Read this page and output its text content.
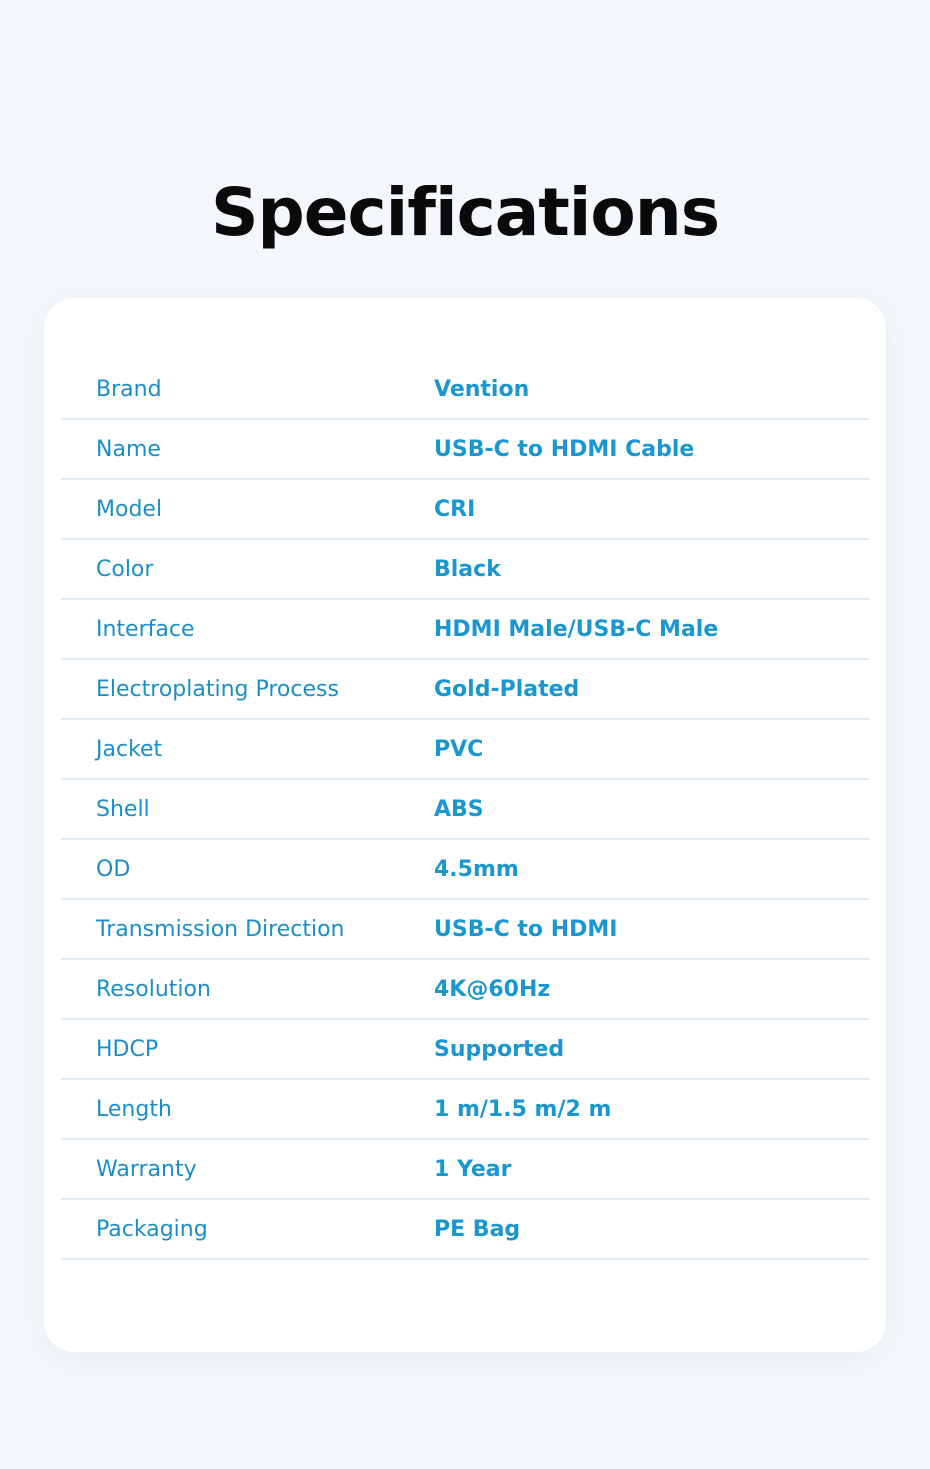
Specifications
Brand	Vention
Name	USB-C to HDMI Cable
Model	CRI
Color	Black
Interface	HDMI Male/USB-C Male
Electroplating Process	Gold-Plated
Jacket	PVC
Shell	ABS
OD	4.5mm
Transmission Direction	USB-C to HDMI
Resolution	4K@60Hz
HDCP	Supported
Length	1 m/1.5 m/2 m
Warranty	1 Year
Packaging	PE Bag
